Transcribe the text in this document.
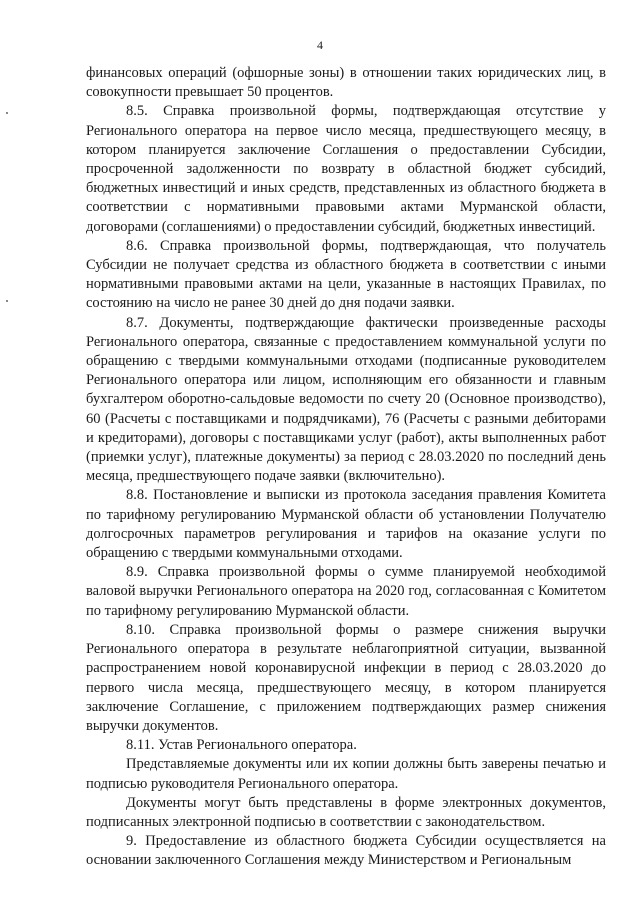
4

финансовых операций (офшорные зоны) в отношении таких юридических лиц, в совокупности превышает 50 процентов.

8.5. Справка произвольной формы, подтверждающая отсутствие у Регионального оператора на первое число месяца, предшествующего месяцу, в котором планируется заключение Соглашения о предоставлении Субсидии, просроченной задолженности по возврату в областной бюджет субсидий, бюджетных инвестиций и иных средств, представленных из областного бюджета в соответствии с нормативными правовыми актами Мурманской области, договорами (соглашениями) о предоставлении субсидий, бюджетных инвестиций.

8.6. Справка произвольной формы, подтверждающая, что получатель Субсидии не получает средства из областного бюджета в соответствии с иными нормативными правовыми актами на цели, указанные в настоящих Правилах, по состоянию на число не ранее 30 дней до дня подачи заявки.

8.7. Документы, подтверждающие фактически произведенные расходы Регионального оператора, связанные с предоставлением коммунальной услуги по обращению с твердыми коммунальными отходами (подписанные руководителем Регионального оператора или лицом, исполняющим его обязанности и главным бухгалтером оборотно-сальдовые ведомости по счету 20 (Основное производство), 60 (Расчеты с поставщиками и подрядчиками), 76 (Расчеты с разными дебиторами и кредиторами), договоры с поставщиками услуг (работ), акты выполненных работ (приемки услуг), платежные документы) за период с 28.03.2020 по последний день месяца, предшествующего подаче заявки (включительно).

8.8. Постановление и выписки из протокола заседания правления Комитета по тарифному регулированию Мурманской области об установлении Получателю долгосрочных параметров регулирования и тарифов на оказание услуги по обращению с твердыми коммунальными отходами.

8.9. Справка произвольной формы о сумме планируемой необходимой валовой выручки Регионального оператора на 2020 год, согласованная с Комитетом по тарифному регулированию Мурманской области.

8.10. Справка произвольной формы о размере снижения выручки Регионального оператора в результате неблагоприятной ситуации, вызванной распространением новой коронавирусной инфекции в период с 28.03.2020 до первого числа месяца, предшествующего месяцу, в котором планируется заключение Соглашение, с приложением подтверждающих размер снижения выручки документов.

8.11. Устав Регионального оператора.

Представляемые документы или их копии должны быть заверены печатью и подписью руководителя Регионального оператора.

Документы могут быть представлены в форме электронных документов, подписанных электронной подписью в соответствии с законодательством.

9. Предоставление из областного бюджета Субсидии осуществляется на основании заключенного Соглашения между Министерством и Региональным
